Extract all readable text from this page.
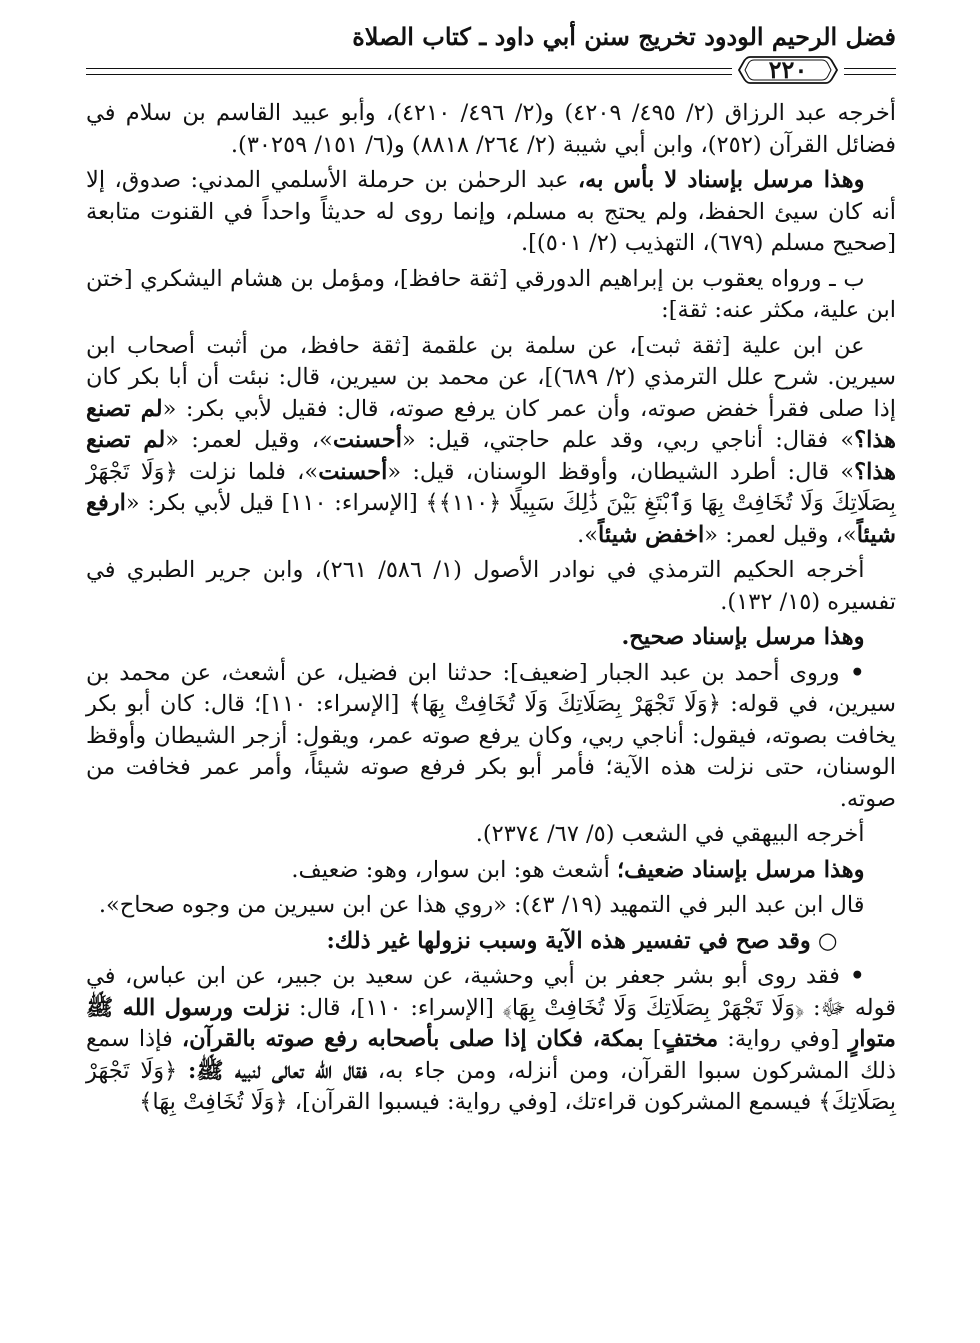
فضل الرحيم الودود تخريج سنن أبي داود ـ كتاب الصلاة
٢٢٠

أخرجه عبد الرزاق (٢/ ٤٩٥/ ٤٢٠٩) و(٢/ ٤٩٦/ ٤٢١٠)، وأبو عبيد القاسم بن سلام في فضائل القرآن (٢٥٢)، وابن أبي شيبة (٢/ ٢٦٤/ ٨٨١٨) و(٦/ ١٥١/ ٣٠٢٥٩).

وهذا مرسل بإسناد لا بأس به، عبد الرحمٰن بن حرملة الأسلمي المدني: صدوق، إلا أنه كان سيئ الحفظ، ولم يحتج به مسلم، وإنما روى له حديثاً واحداً في القنوت متابعة [صحيح مسلم (٦٧٩)، التهذيب (٢/ ٥٠١)].

ب ـ ورواه يعقوب بن إبراهيم الدورقي [ثقة حافظ]، ومؤمل بن هشام اليشكري [ختن ابن علية، مكثر عنه: ثقة]:

عن ابن علية [ثقة ثبت]، عن سلمة بن علقمة [ثقة حافظ، من أثبت أصحاب ابن سيرين. شرح علل الترمذي (٢/ ٦٨٩)]، عن محمد بن سيرين، قال: نبئت أن أبا بكر كان إذا صلى فقرأ خفض صوته، وأن عمر كان يرفع صوته، قال: فقيل لأبي بكر: «لم تصنع هذا؟» فقال: أناجي ربي، وقد علم حاجتي، قيل: «أحسنت»، وقيل لعمر: «لم تصنع هذا؟» قال: أطرد الشيطان، وأوقظ الوسنان، قيل: «أحسنت»، فلما نزلت ﴿وَلَا تَجْهَرْ بِصَلَاتِكَ وَلَا تُخَافِتْ بِهَا وَٱبْتَغِ بَيْنَ ذَٰلِكَ سَبِيلًا ﴿١١٠﴾﴾ [الإسراء: ١١٠] قيل لأبي بكر: «ارفع شيئاً»، وقيل لعمر: «اخفض شيئاً».

أخرجه الحكيم الترمذي في نوادر الأصول (١/ ٥٨٦/ ٢٦١)، وابن جرير الطبري في تفسيره (١٥/ ١٣٢).

وهذا مرسل بإسناد صحيح.

• وروى أحمد بن عبد الجبار [ضعيف]: حدثنا ابن فضيل، عن أشعث، عن محمد بن سيرين، في قوله: ﴿وَلَا تَجْهَرْ بِصَلَاتِكَ وَلَا تُخَافِتْ بِهَا﴾ [الإسراء: ١١٠]؛ قال: كان أبو بكر يخافت بصوته، فيقول: أناجي ربي، وكان يرفع صوته عمر، ويقول: أزجر الشيطان وأوقظ الوسنان، حتى نزلت هذه الآية؛ فأمر أبو بكر فرفع صوته شيئاً، وأمر عمر فخافت من صوته.

أخرجه البيهقي في الشعب (٥/ ٦٧/ ٢٣٧٤).

وهذا مرسل بإسناد ضعيف؛ أشعث هو: ابن سوار، وهو: ضعيف.

قال ابن عبد البر في التمهيد (١٩/ ٤٣): «روي هذا عن ابن سيرين من وجوه صحاح».

○ وقد صح في تفسير هذه الآية وسبب نزولها غير ذلك:

• فقد روى أبو بشر جعفر بن أبي وحشية، عن سعيد بن جبير، عن ابن عباس، في قوله ﷻ: ﴿وَلَا تَجْهَرْ بِصَلَاتِكَ وَلَا تُخَافِتْ بِهَا﴾ [الإسراء: ١١٠]، قال: نزلت ورسول الله ﷺ متوارٍ [وفي رواية: مختفٍ] بمكة، فكان إذا صلى بأصحابه رفع صوته بالقرآن، فإذا سمع ذلك المشركون سبوا القرآن، ومن أنزله، ومن جاء به، فقال الله تعالى لنبيه ﷺ: ﴿وَلَا تَجْهَرْ بِصَلَاتِكَ﴾ فيسمع المشركون قراءتك، [وفي رواية: فيسبوا القرآن]، ﴿وَلَا تُخَافِتْ بِهَا﴾
